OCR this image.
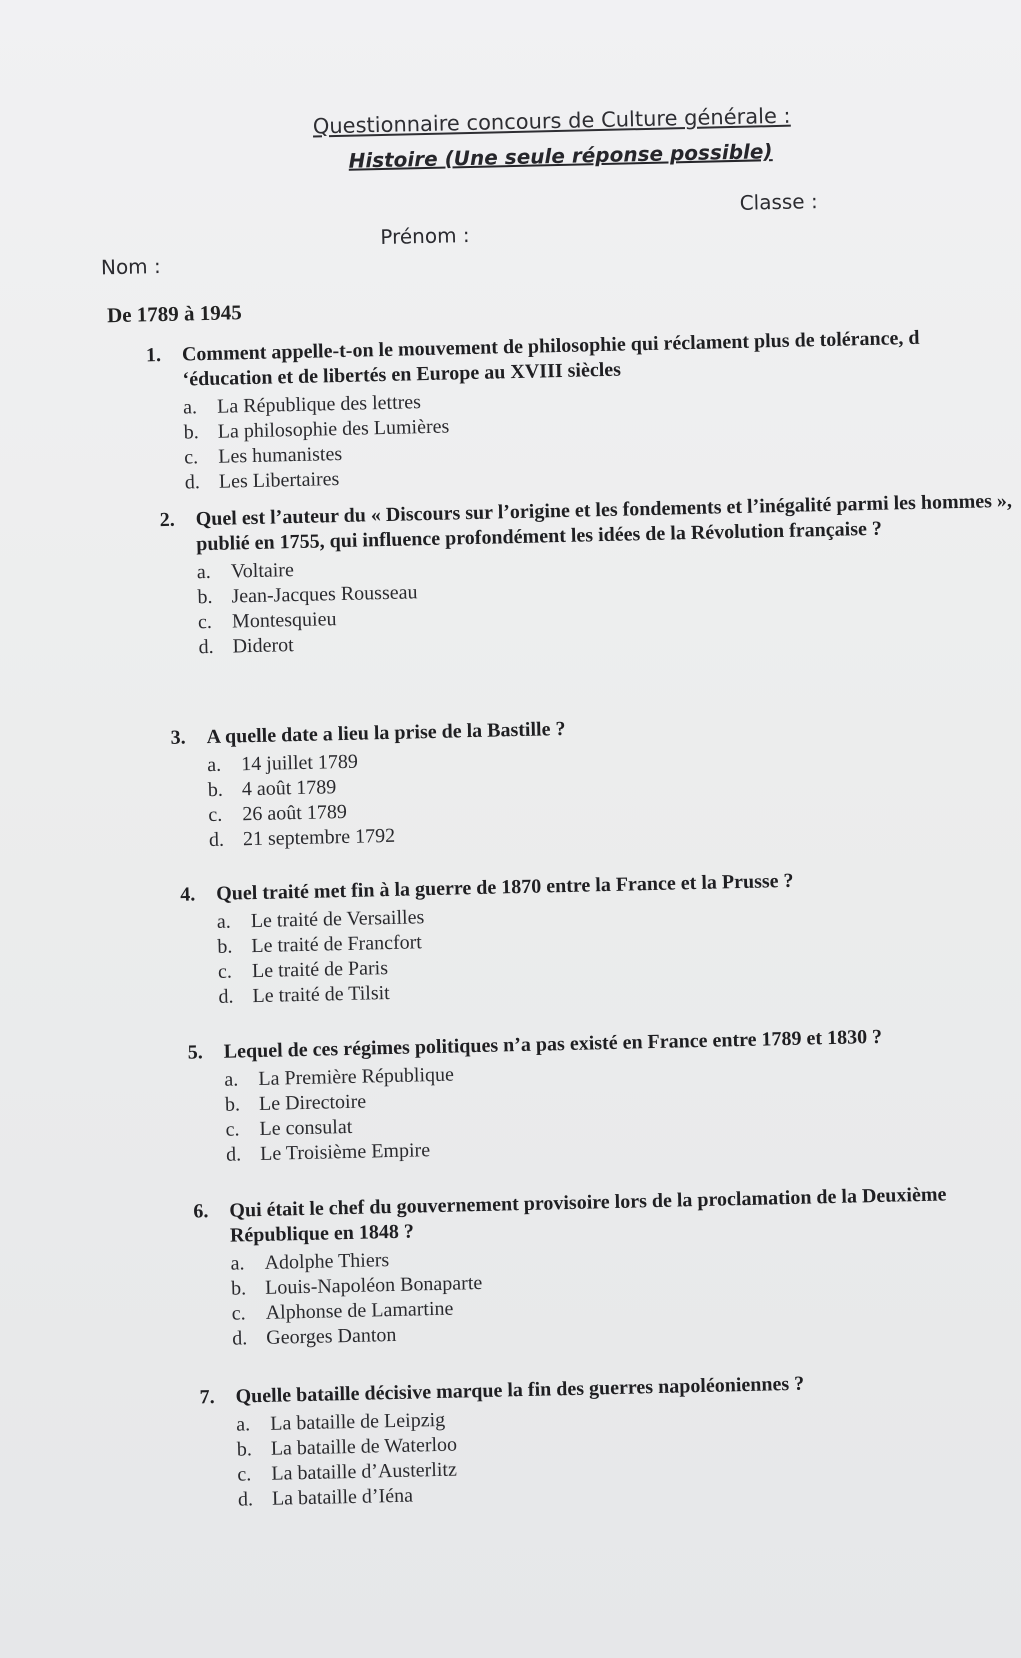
Questionnaire concours de Culture générale :
Histoire (Une seule réponse possible)
Classe :
Prénom :
Nom :
De 1789 à 1945
1.	Comment appelle-t-on le mouvement de philosophie qui réclament plus de tolérance, d ‘éducation et de libertés en Europe au XVIII siècles
a. La République des lettres
b. La philosophie des Lumières
c. Les humanistes
d. Les Libertaires
2.	Quel est l’auteur du « Discours sur l’origine et les fondements et l’inégalité parmi les hommes », publié en 1755, qui influence profondément les idées de la Révolution française ?
a. Voltaire
b. Jean-Jacques Rousseau
c. Montesquieu
d. Diderot
3.	A quelle date a lieu la prise de la Bastille ?
a. 14 juillet 1789
b. 4 août 1789
c. 26 août 1789
d. 21 septembre 1792
4.	Quel traité met fin à la guerre de 1870 entre la France et la Prusse ?
a. Le traité de Versailles
b. Le traité de Francfort
c. Le traité de Paris
d. Le traité de Tilsit
5.	Lequel de ces régimes politiques n’a pas existé en France entre 1789 et 1830 ?
a. La Première République
b. Le Directoire
c. Le consulat
d. Le Troisième Empire
6.	Qui était le chef du gouvernement provisoire lors de la proclamation de la Deuxième République en 1848 ?
a. Adolphe Thiers
b. Louis-Napoléon Bonaparte
c. Alphonse de Lamartine
d. Georges Danton
7.	Quelle bataille décisive marque la fin des guerres napoléoniennes ?
a. La bataille de Leipzig
b. La bataille de Waterloo
c. La bataille d’Austerlitz
d. La bataille d’Iéna
